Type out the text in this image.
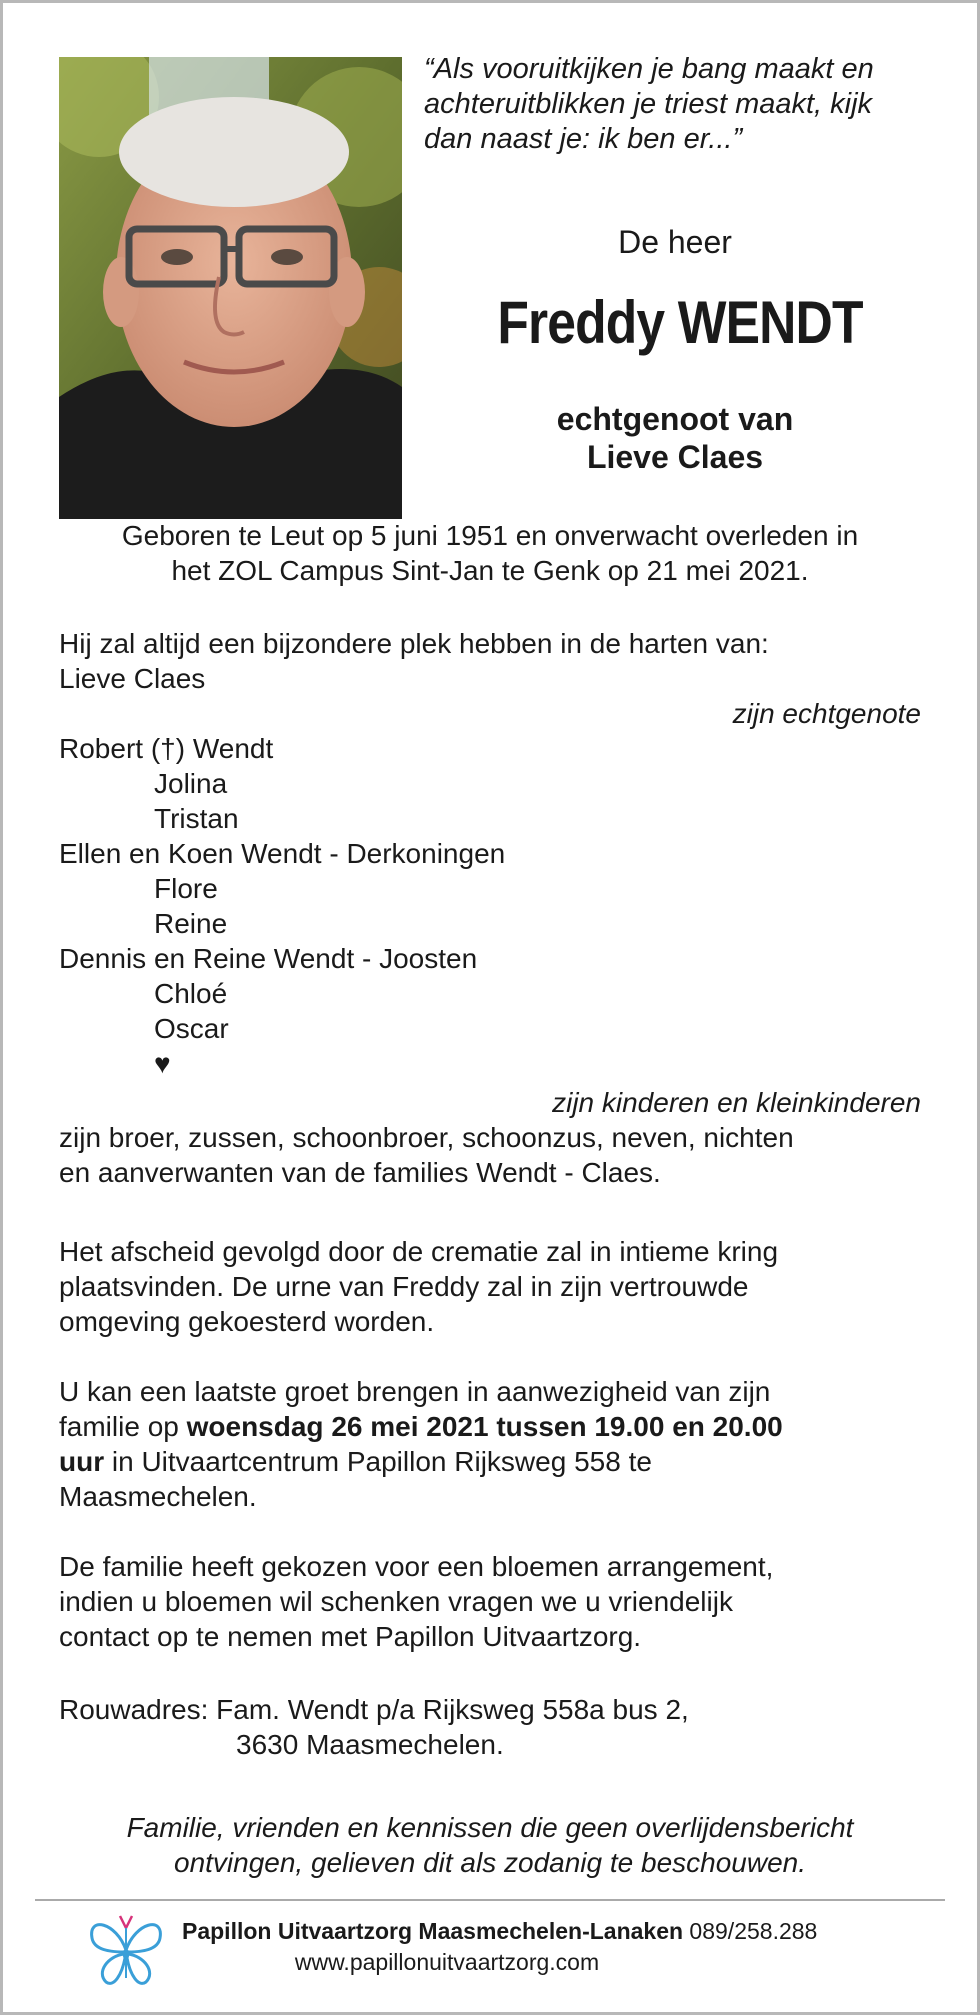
“Als vooruitkijken je bang maakt en
achteruitblikken je triest maakt, kijk
dan naast je: ik ben er...”
De heer
Freddy WENDT
echtgenoot van
Lieve Claes
Geboren te Leut op 5 juni 1951 en onverwacht overleden in
het ZOL Campus Sint-Jan te Genk op 21 mei 2021.
Hij zal altijd een bijzondere plek hebben in de harten van:
Lieve Claes
zijn echtgenote
Robert (†) Wendt
Jolina
Tristan
Ellen en Koen Wendt - Derkoningen
Flore
Reine
Dennis en Reine Wendt - Joosten
Chloé
Oscar
♥
zijn kinderen en kleinkinderen
zijn broer, zussen, schoonbroer, schoonzus, neven, nichten
en aanverwanten van de families Wendt - Claes.
Het afscheid gevolgd door de crematie zal in intieme kring
plaatsvinden. De urne van Freddy zal in zijn vertrouwde
omgeving gekoesterd worden.
U kan een laatste groet brengen in aanwezigheid van zijn
familie op woensdag 26 mei 2021 tussen 19.00 en 20.00
uur in Uitvaartcentrum Papillon Rijksweg 558 te
Maasmechelen.
De familie heeft gekozen voor een bloemen arrangement,
indien u bloemen wil schenken vragen we u vriendelijk
contact op te nemen met Papillon Uitvaartzorg.
Rouwadres: Fam. Wendt p/a Rijksweg 558a bus 2,
3630 Maasmechelen.
Familie, vrienden en kennissen die geen overlijdensbericht
ontvingen, gelieven dit als zodanig te beschouwen.
Papillon Uitvaartzorg Maasmechelen-Lanaken 089/258.288
www.papillonuitvaartzorg.com
